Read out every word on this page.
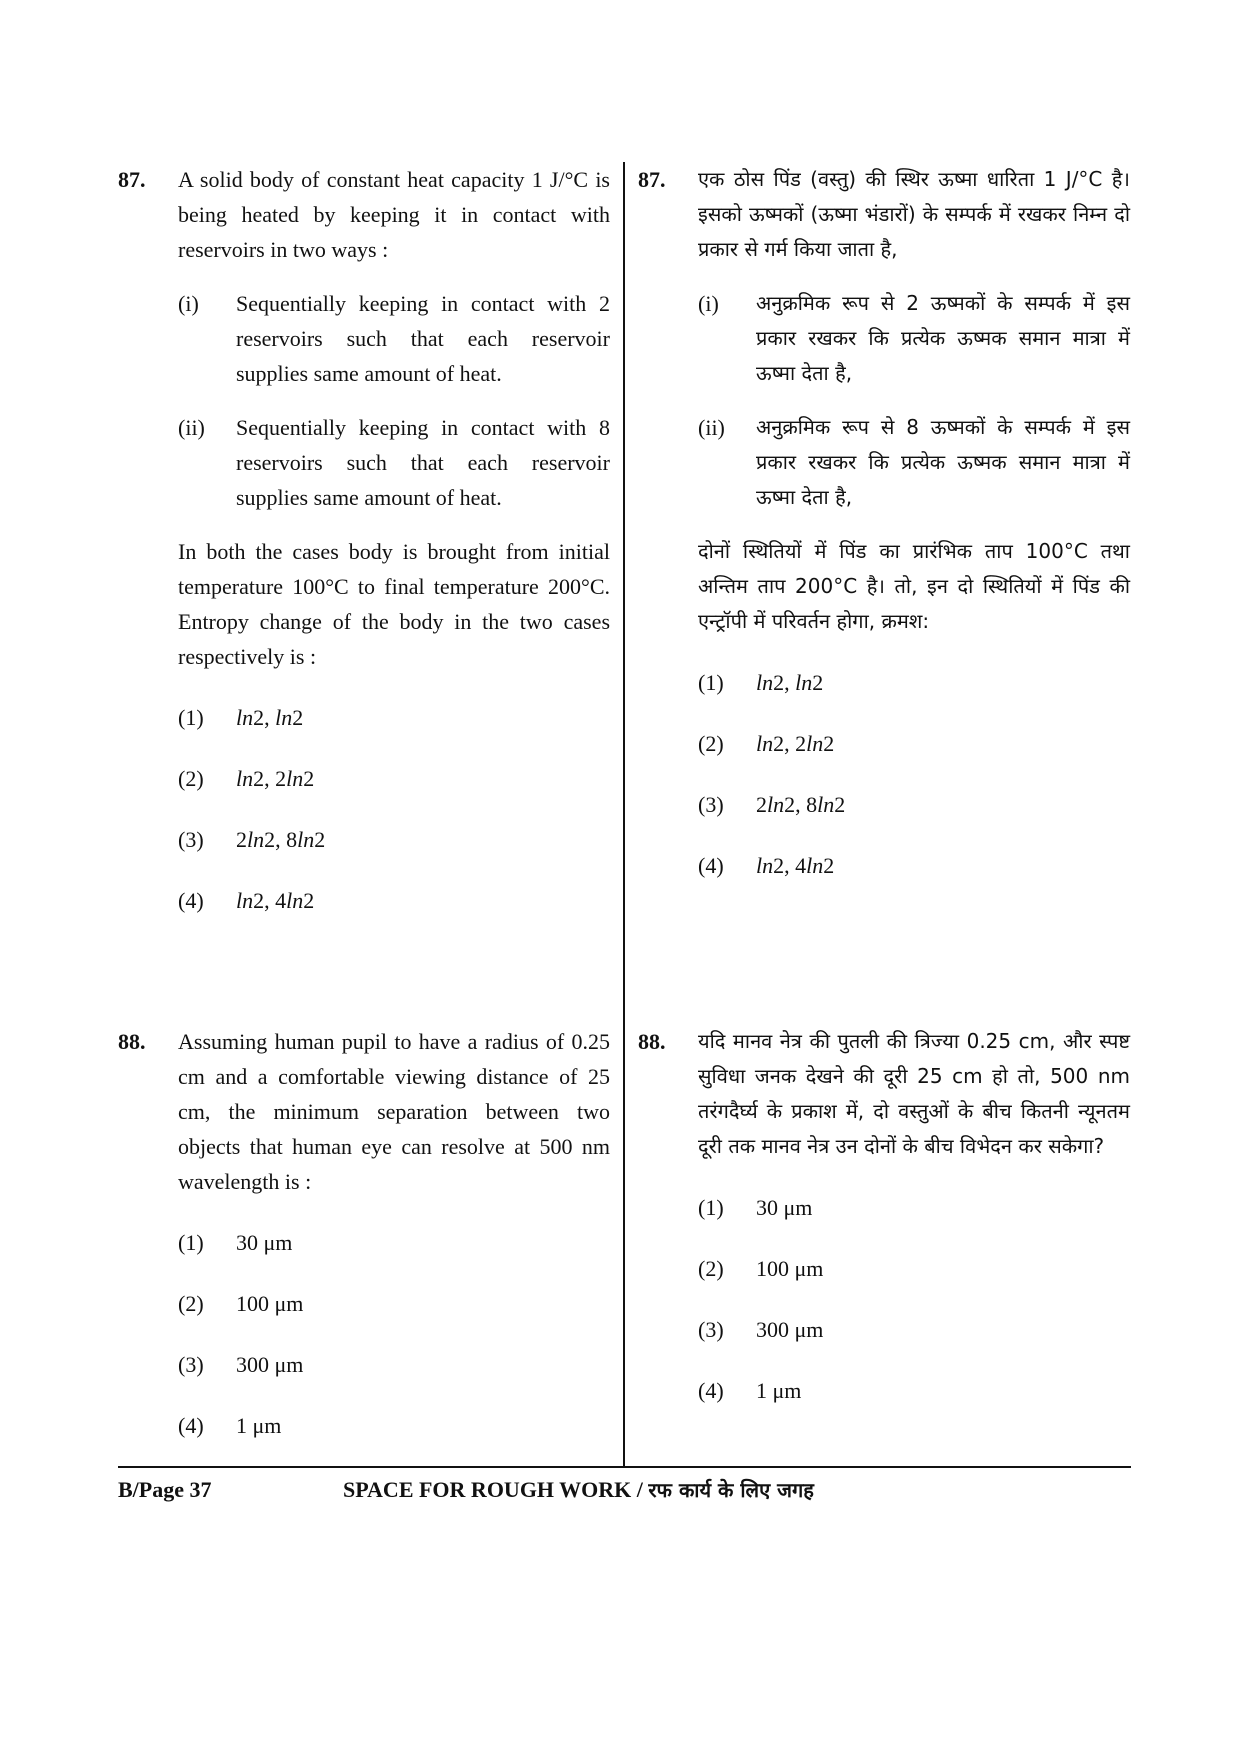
87. A solid body of constant heat capacity 1 J/°C is being heated by keeping it in contact with reservoirs in two ways :
(i) Sequentially keeping in contact with 2 reservoirs such that each reservoir supplies same amount of heat.
(ii) Sequentially keeping in contact with 8 reservoirs such that each reservoir supplies same amount of heat.
In both the cases body is brought from initial temperature 100°C to final temperature 200°C. Entropy change of the body in the two cases respectively is :
(1) ln2, ln2
(2) ln2, 2ln2
(3) 2ln2, 8ln2
(4) ln2, 4ln2
88. Assuming human pupil to have a radius of 0.25 cm and a comfortable viewing distance of 25 cm, the minimum separation between two objects that human eye can resolve at 500 nm wavelength is :
(1) 30 μm
(2) 100 μm
(3) 300 μm
(4) 1 μm
87. एक ठोस पिंड (वस्तु) की स्थिर ऊष्मा धारिता 1 J/°C है। इसको ऊष्मकों (ऊष्मा भंडारों) के सम्पर्क में रखकर निम्न दो प्रकार से गर्म किया जाता है,
(i) अनुक्रमिक रूप से 2 ऊष्मकों के सम्पर्क में इस प्रकार रखकर कि प्रत्येक ऊष्मक समान मात्रा में ऊष्मा देता है,
(ii) अनुक्रमिक रूप से 8 ऊष्मकों के सम्पर्क में इस प्रकार रखकर कि प्रत्येक ऊष्मक समान मात्रा में ऊष्मा देता है,
दोनों स्थितियों में पिंड का प्रारंभिक ताप 100°C तथा अन्तिम ताप 200°C है। तो, इन दो स्थितियों में पिंड की एन्ट्रॉपी में परिवर्तन होगा, क्रमश:
(1) ln2, ln2
(2) ln2, 2ln2
(3) 2ln2, 8ln2
(4) ln2, 4ln2
88. यदि मानव नेत्र की पुतली की त्रिज्या 0.25 cm, और स्पष्ट सुविधा जनक देखने की दूरी 25 cm हो तो, 500 nm तरंगदैर्घ्य के प्रकाश में, दो वस्तुओं के बीच कितनी न्यूनतम दूरी तक मानव नेत्र उन दोनों के बीच विभेदन कर सकेगा?
(1) 30 μm
(2) 100 μm
(3) 300 μm
(4) 1 μm
B/Page 37	SPACE FOR ROUGH WORK / रफ कार्य के लिए जगह
